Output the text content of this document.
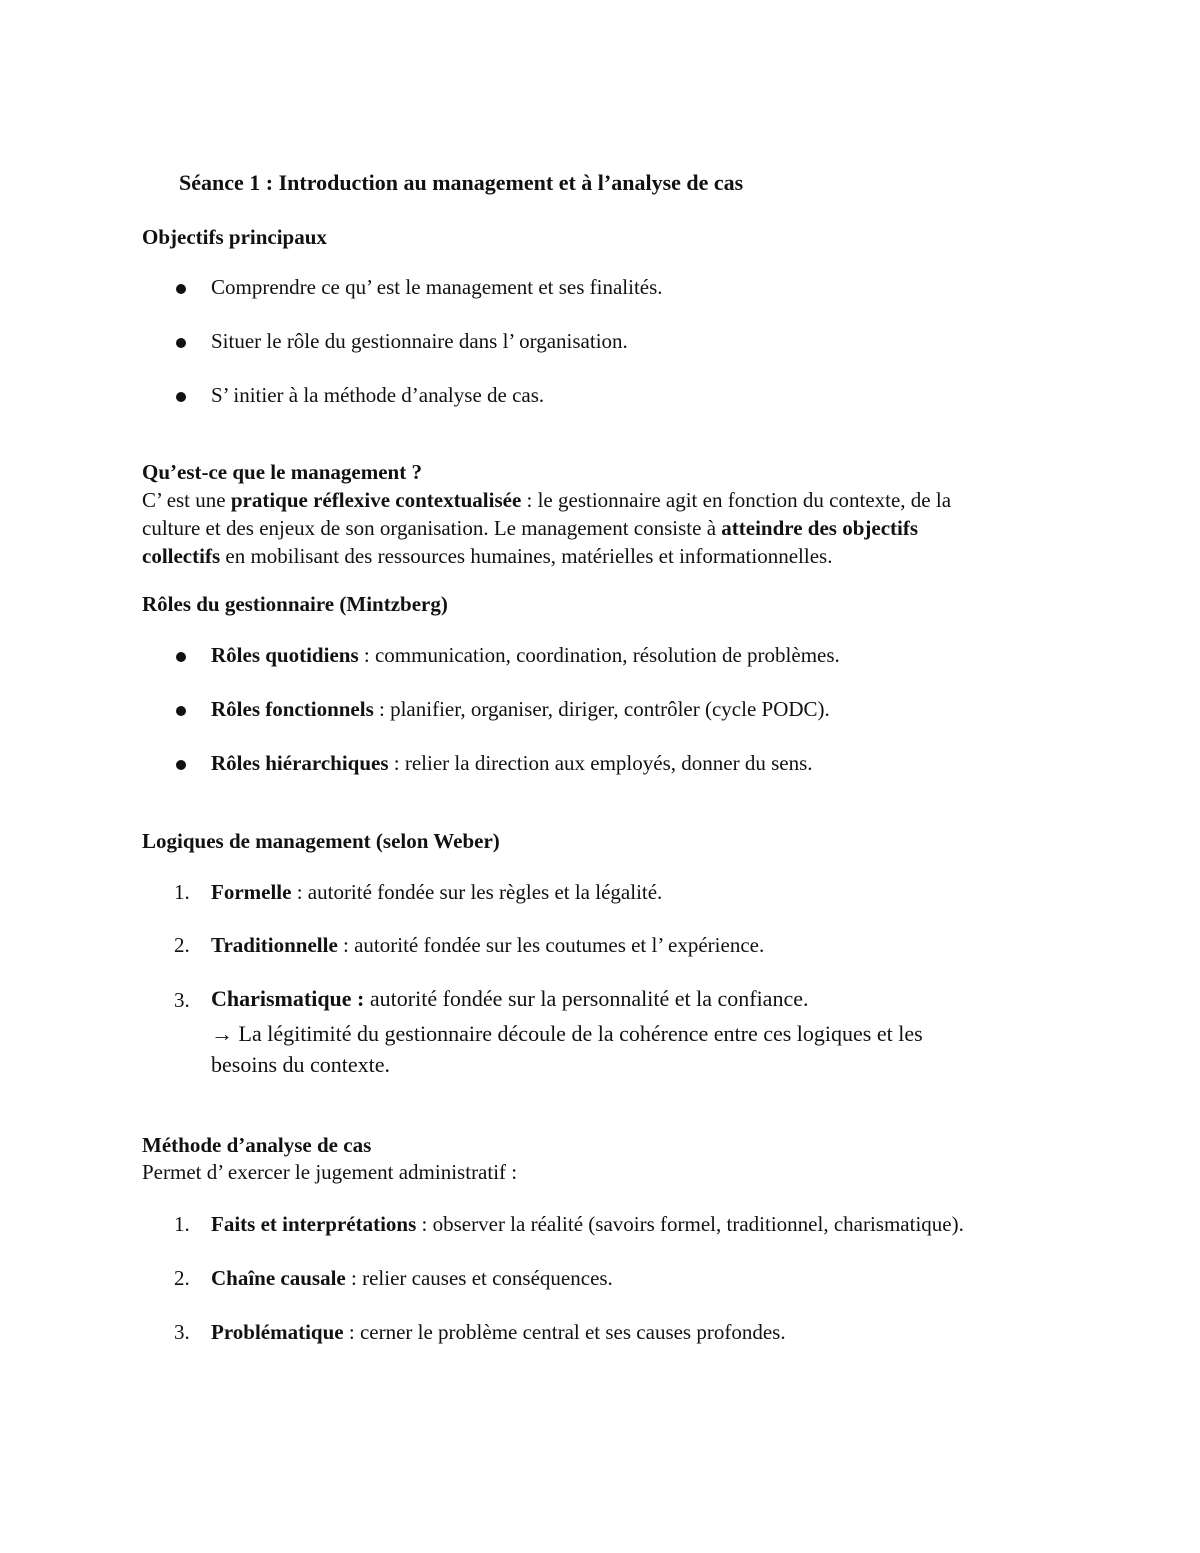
Séance 1 : Introduction au management et à l’analyse de cas
Objectifs principaux
Comprendre ce qu’ est le management et ses finalités.
Situer le rôle du gestionnaire dans l’ organisation.
S’ initier à la méthode d’analyse de cas.
Qu’est-ce que le management ?

C’ est une pratique réflexive contextualisée : le gestionnaire agit en fonction du contexte, de la

culture et des enjeux de son organisation. Le management consiste à atteindre des objectifs

collectifs en mobilisant des ressources humaines, matérielles et informationnelles.

Rôles du gestionnaire (Mintzberg)
Rôles quotidiens : communication, coordination, résolution de problèmes.
Rôles fonctionnels : planifier, organiser, diriger, contrôler (cycle PODC).
Rôles hiérarchiques : relier la direction aux employés, donner du sens.
Logiques de management (selon Weber)
1. Formelle : autorité fondée sur les règles et la légalité.
2. Traditionnelle : autorité fondée sur les coutumes et l’ expérience.
3. Charismatique : autorité fondée sur la personnalité et la confiance.
→ La légitimité du gestionnaire découle de la cohérence entre ces logiques et les
besoins du contexte.
Méthode d’analyse de cas

Permet d’ exercer le jugement administratif :

1. Faits et interprétations : observer la réalité (savoirs formel, traditionnel, charismatique).
2. Chaîne causale : relier causes et conséquences.
3. Problématique : cerner le problème central et ses causes profondes.
